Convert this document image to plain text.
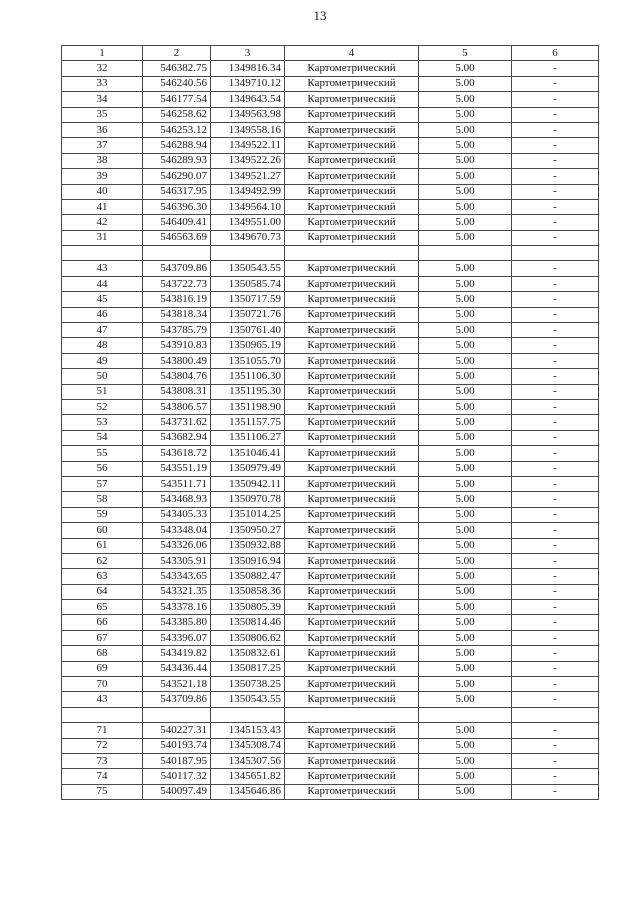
13
1	2	3	4	5	6
32	546382.75	1349816.34	Картометрический	5.00	-
33	546240.56	1349710.12	Картометрический	5.00	-
34	546177.54	1349643.54	Картометрический	5.00	-
35	546258.62	1349563.98	Картометрический	5.00	-
36	546253.12	1349558.16	Картометрический	5.00	-
37	546288.94	1349522.11	Картометрический	5.00	-
38	546289.93	1349522.26	Картометрический	5.00	-
39	546290.07	1349521.27	Картометрический	5.00	-
40	546317.95	1349492.99	Картометрический	5.00	-
41	546396.30	1349564.10	Картометрический	5.00	-
42	546409.41	1349551.00	Картометрический	5.00	-
31	546563.69	1349670.73	Картометрический	5.00	-

43	543709.86	1350543.55	Картометрический	5.00	-
44	543722.73	1350585.74	Картометрический	5.00	-
45	543816.19	1350717.59	Картометрический	5.00	-
46	543818.34	1350721.76	Картометрический	5.00	-
47	543785.79	1350761.40	Картометрический	5.00	-
48	543910.83	1350965.19	Картометрический	5.00	-
49	543800.49	1351055.70	Картометрический	5.00	-
50	543804.76	1351106.30	Картометрический	5.00	-
51	543808.31	1351195.30	Картометрический	5.00	-
52	543806.57	1351198.90	Картометрический	5.00	-
53	543731.62	1351157.75	Картометрический	5.00	-
54	543682.94	1351106.27	Картометрический	5.00	-
55	543618.72	1351046.41	Картометрический	5.00	-
56	543551.19	1350979.49	Картометрический	5.00	-
57	543511.71	1350942.11	Картометрический	5.00	-
58	543468.93	1350970.78	Картометрический	5.00	-
59	543405.33	1351014.25	Картометрический	5.00	-
60	543348.04	1350950.27	Картометрический	5.00	-
61	543326.06	1350932.88	Картометрический	5.00	-
62	543305.91	1350916.94	Картометрический	5.00	-
63	543343.65	1350882.47	Картометрический	5.00	-
64	543321.35	1350858.36	Картометрический	5.00	-
65	543378.16	1350805.39	Картометрический	5.00	-
66	543385.80	1350814.46	Картометрический	5.00	-
67	543396.07	1350806.62	Картометрический	5.00	-
68	543419.82	1350832.61	Картометрический	5.00	-
69	543436.44	1350817.25	Картометрический	5.00	-
70	543521.18	1350738.25	Картометрический	5.00	-
43	543709.86	1350543.55	Картометрический	5.00	-

71	540227.31	1345153.43	Картометрический	5.00	-
72	540193.74	1345308.74	Картометрический	5.00	-
73	540187.95	1345307.56	Картометрический	5.00	-
74	540117.32	1345651.82	Картометрический	5.00	-
75	540097.49	1345646.86	Картометрический	5.00	-
